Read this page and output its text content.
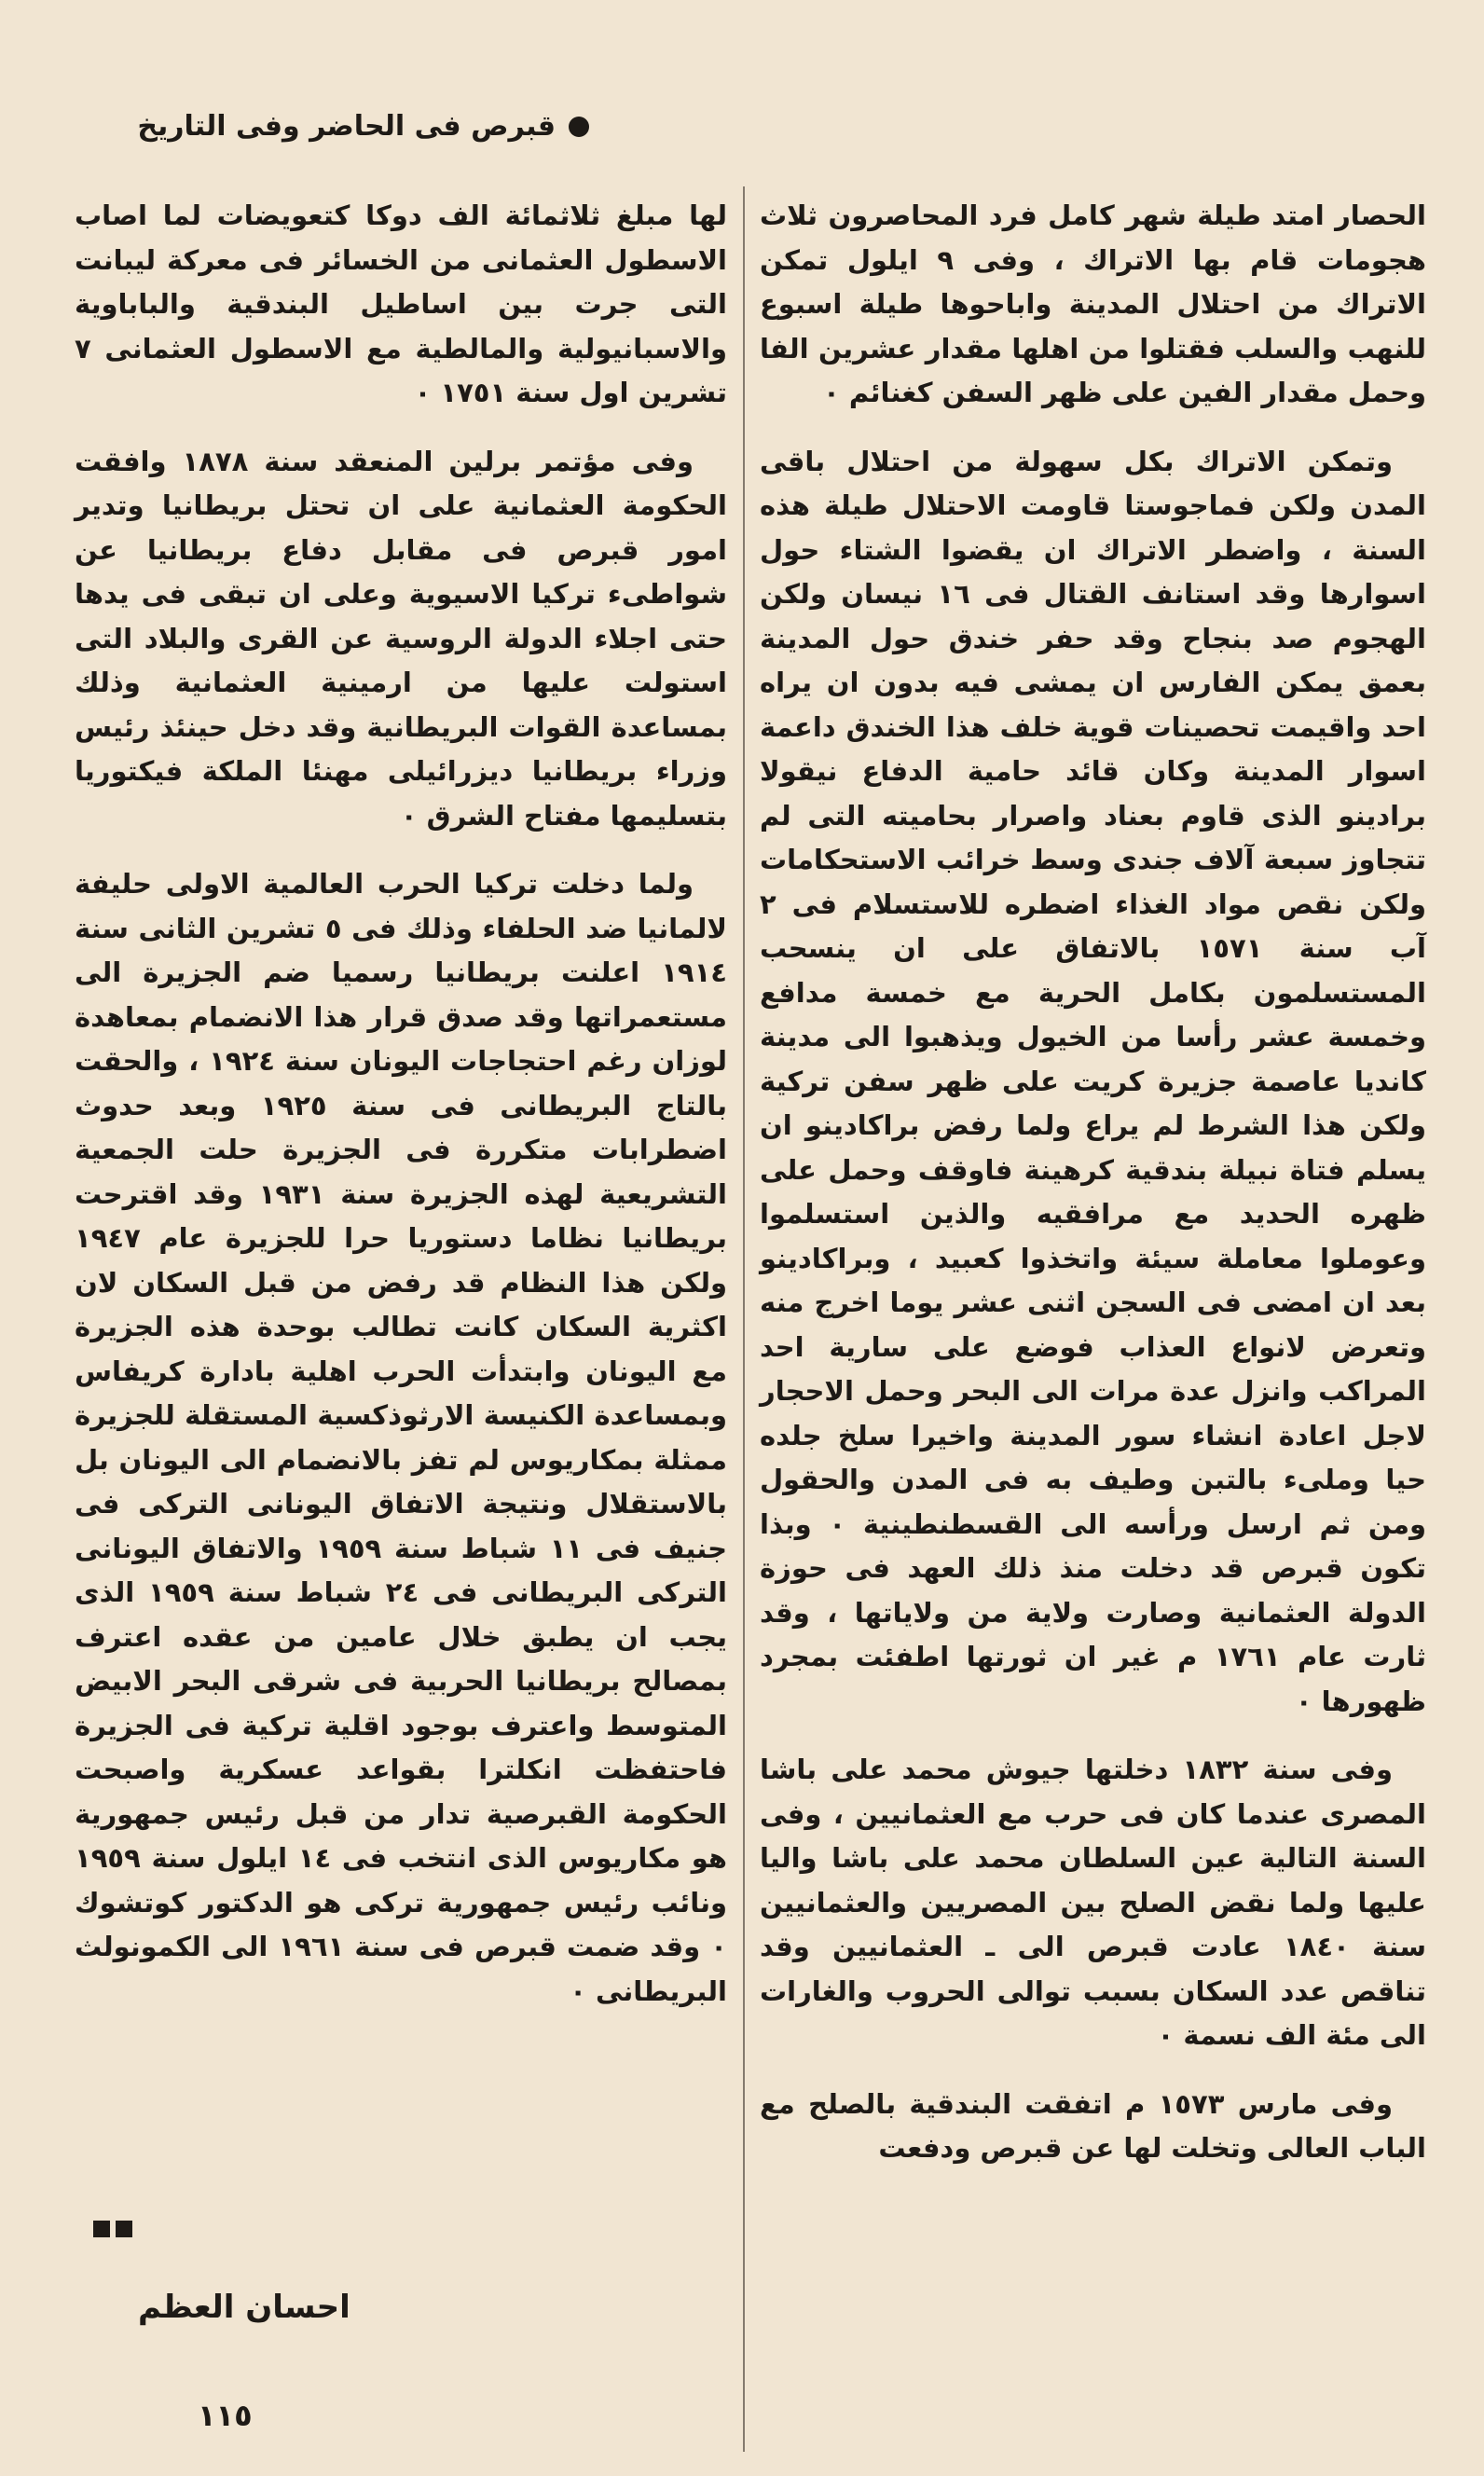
قبرص فى الحاضر وفى التاريخ

الحصار امتد طيلة شهر كامل فرد المحاصرون ثلاث هجومات قام بها الاتراك ، وفى ٩ ايلول تمكن الاتراك من احتلال المدينة واباحوها طيلة اسبوع للنهب والسلب فقتلوا من اهلها مقدار عشرين الفا وحمل مقدار الفين على ظهر السفن كغنائم ٠

وتمكن الاتراك بكل سهولة من احتلال باقى المدن ولكن فماجوستا قاومت الاحتلال طيلة هذه السنة ، واضطر الاتراك ان يقضوا الشتاء حول اسوارها وقد استانف القتال فى ١٦ نيسان ولكن الهجوم صد بنجاح وقد حفر خندق حول المدينة بعمق يمكن الفارس ان يمشى فيه بدون ان يراه احد واقيمت تحصينات قوية خلف هذا الخندق داعمة اسوار المدينة وكان قائد حامية الدفاع نيقولا برادينو الذى قاوم بعناد واصرار بحاميته التى لم تتجاوز سبعة آلاف جندى وسط خرائب الاستحكامات ولكن نقص مواد الغذاء اضطره للاستسلام فى ٢ آب سنة ١٥٧١ بالاتفاق على ان ينسحب المستسلمون بكامل الحرية مع خمسة مدافع وخمسة عشر رأسا من الخيول ويذهبوا الى مدينة كانديا عاصمة جزيرة كريت على ظهر سفن تركية ولكن هذا الشرط لم يراع ولما رفض براكادينو ان يسلم فتاة نبيلة بندقية كرهينة فاوقف وحمل على ظهره الحديد مع مرافقيه والذين استسلموا وعوملوا معاملة سيئة واتخذوا كعبيد ، وبراكادينو بعد ان امضى فى السجن اثنى عشر يوما اخرج منه وتعرض لانواع العذاب فوضع على سارية احد المراكب وانزل عدة مرات الى البحر وحمل الاحجار لاجل اعادة انشاء سور المدينة واخيرا سلخ جلده حيا وملىء بالتبن وطيف به فى المدن والحقول ومن ثم ارسل ورأسه الى القسطنطينية ٠ وبذا تكون قبرص قد دخلت منذ ذلك العهد فى حوزة الدولة العثمانية وصارت ولاية من ولاياتها ، وقد ثارت عام ١٧٦١ م غير ان ثورتها اطفئت بمجرد ظهورها ٠

وفى سنة ١٨٣٢ دخلتها جيوش محمد على باشا المصرى عندما كان فى حرب مع العثمانيين ، وفى السنة التالية عين السلطان محمد على باشا واليا عليها ولما نقض الصلح بين المصريين والعثمانيين سنة ١٨٤٠ عادت قبرص الى ـ العثمانيين وقد تناقص عدد السكان بسبب توالى الحروب والغارات الى مئة الف نسمة ٠

وفى مارس ١٥٧٣ م اتفقت البندقية بالصلح مع الباب العالى وتخلت لها عن قبرص ودفعت

لها مبلغ ثلاثمائة الف دوكا كتعويضات لما اصاب الاسطول العثمانى من الخسائر فى معركة ليبانت التى جرت بين اساطيل البندقية والباباوية والاسبانيولية والمالطية مع الاسطول العثمانى ٧ تشرين اول سنة ١٧٥١ ٠

وفى مؤتمر برلين المنعقد سنة ١٨٧٨ وافقت الحكومة العثمانية على ان تحتل بريطانيا وتدير امور قبرص فى مقابل دفاع بريطانيا عن شواطىء تركيا الاسيوية وعلى ان تبقى فى يدها حتى اجلاء الدولة الروسية عن القرى والبلاد التى استولت عليها من ارمينية العثمانية وذلك بمساعدة القوات البريطانية وقد دخل حينئذ رئيس وزراء بريطانيا ديزرائيلى مهنئا الملكة فيكتوريا بتسليمها مفتاح الشرق ٠

ولما دخلت تركيا الحرب العالمية الاولى حليفة لالمانيا ضد الحلفاء وذلك فى ٥ تشرين الثانى سنة ١٩١٤ اعلنت بريطانيا رسميا ضم الجزيرة الى مستعمراتها وقد صدق قرار هذا الانضمام بمعاهدة لوزان رغم احتجاجات اليونان سنة ١٩٢٤ ، والحقت بالتاج البريطانى فى سنة ١٩٢٥ وبعد حدوث اضطرابات متكررة فى الجزيرة حلت الجمعية التشريعية لهذه الجزيرة سنة ١٩٣١ وقد اقترحت بريطانيا نظاما دستوريا حرا للجزيرة عام ١٩٤٧ ولكن هذا النظام قد رفض من قبل السكان لان اكثرية السكان كانت تطالب بوحدة هذه الجزيرة مع اليونان وابتدأت الحرب اهلية بادارة كريفاس وبمساعدة الكنيسة الارثوذكسية المستقلة للجزيرة ممثلة بمكاريوس لم تفز بالانضمام الى اليونان بل بالاستقلال ونتيجة الاتفاق اليونانى التركى فى جنيف فى ١١ شباط سنة ١٩٥٩ والاتفاق اليونانى التركى البريطانى فى ٢٤ شباط سنة ١٩٥٩ الذى يجب ان يطبق خلال عامين من عقده اعترف بمصالح بريطانيا الحربية فى شرقى البحر الابيض المتوسط واعترف بوجود اقلية تركية فى الجزيرة فاحتفظت انكلترا بقواعد عسكرية واصبحت الحكومة القبرصية تدار من قبل رئيس جمهورية هو مكاريوس الذى انتخب فى ١٤ ايلول سنة ١٩٥٩ ونائب رئيس جمهورية تركى هو الدكتور كوتشوك ٠ وقد ضمت قبرص فى سنة ١٩٦١ الى الكمونولث البريطانى ٠

احسان العظم
١١٥
